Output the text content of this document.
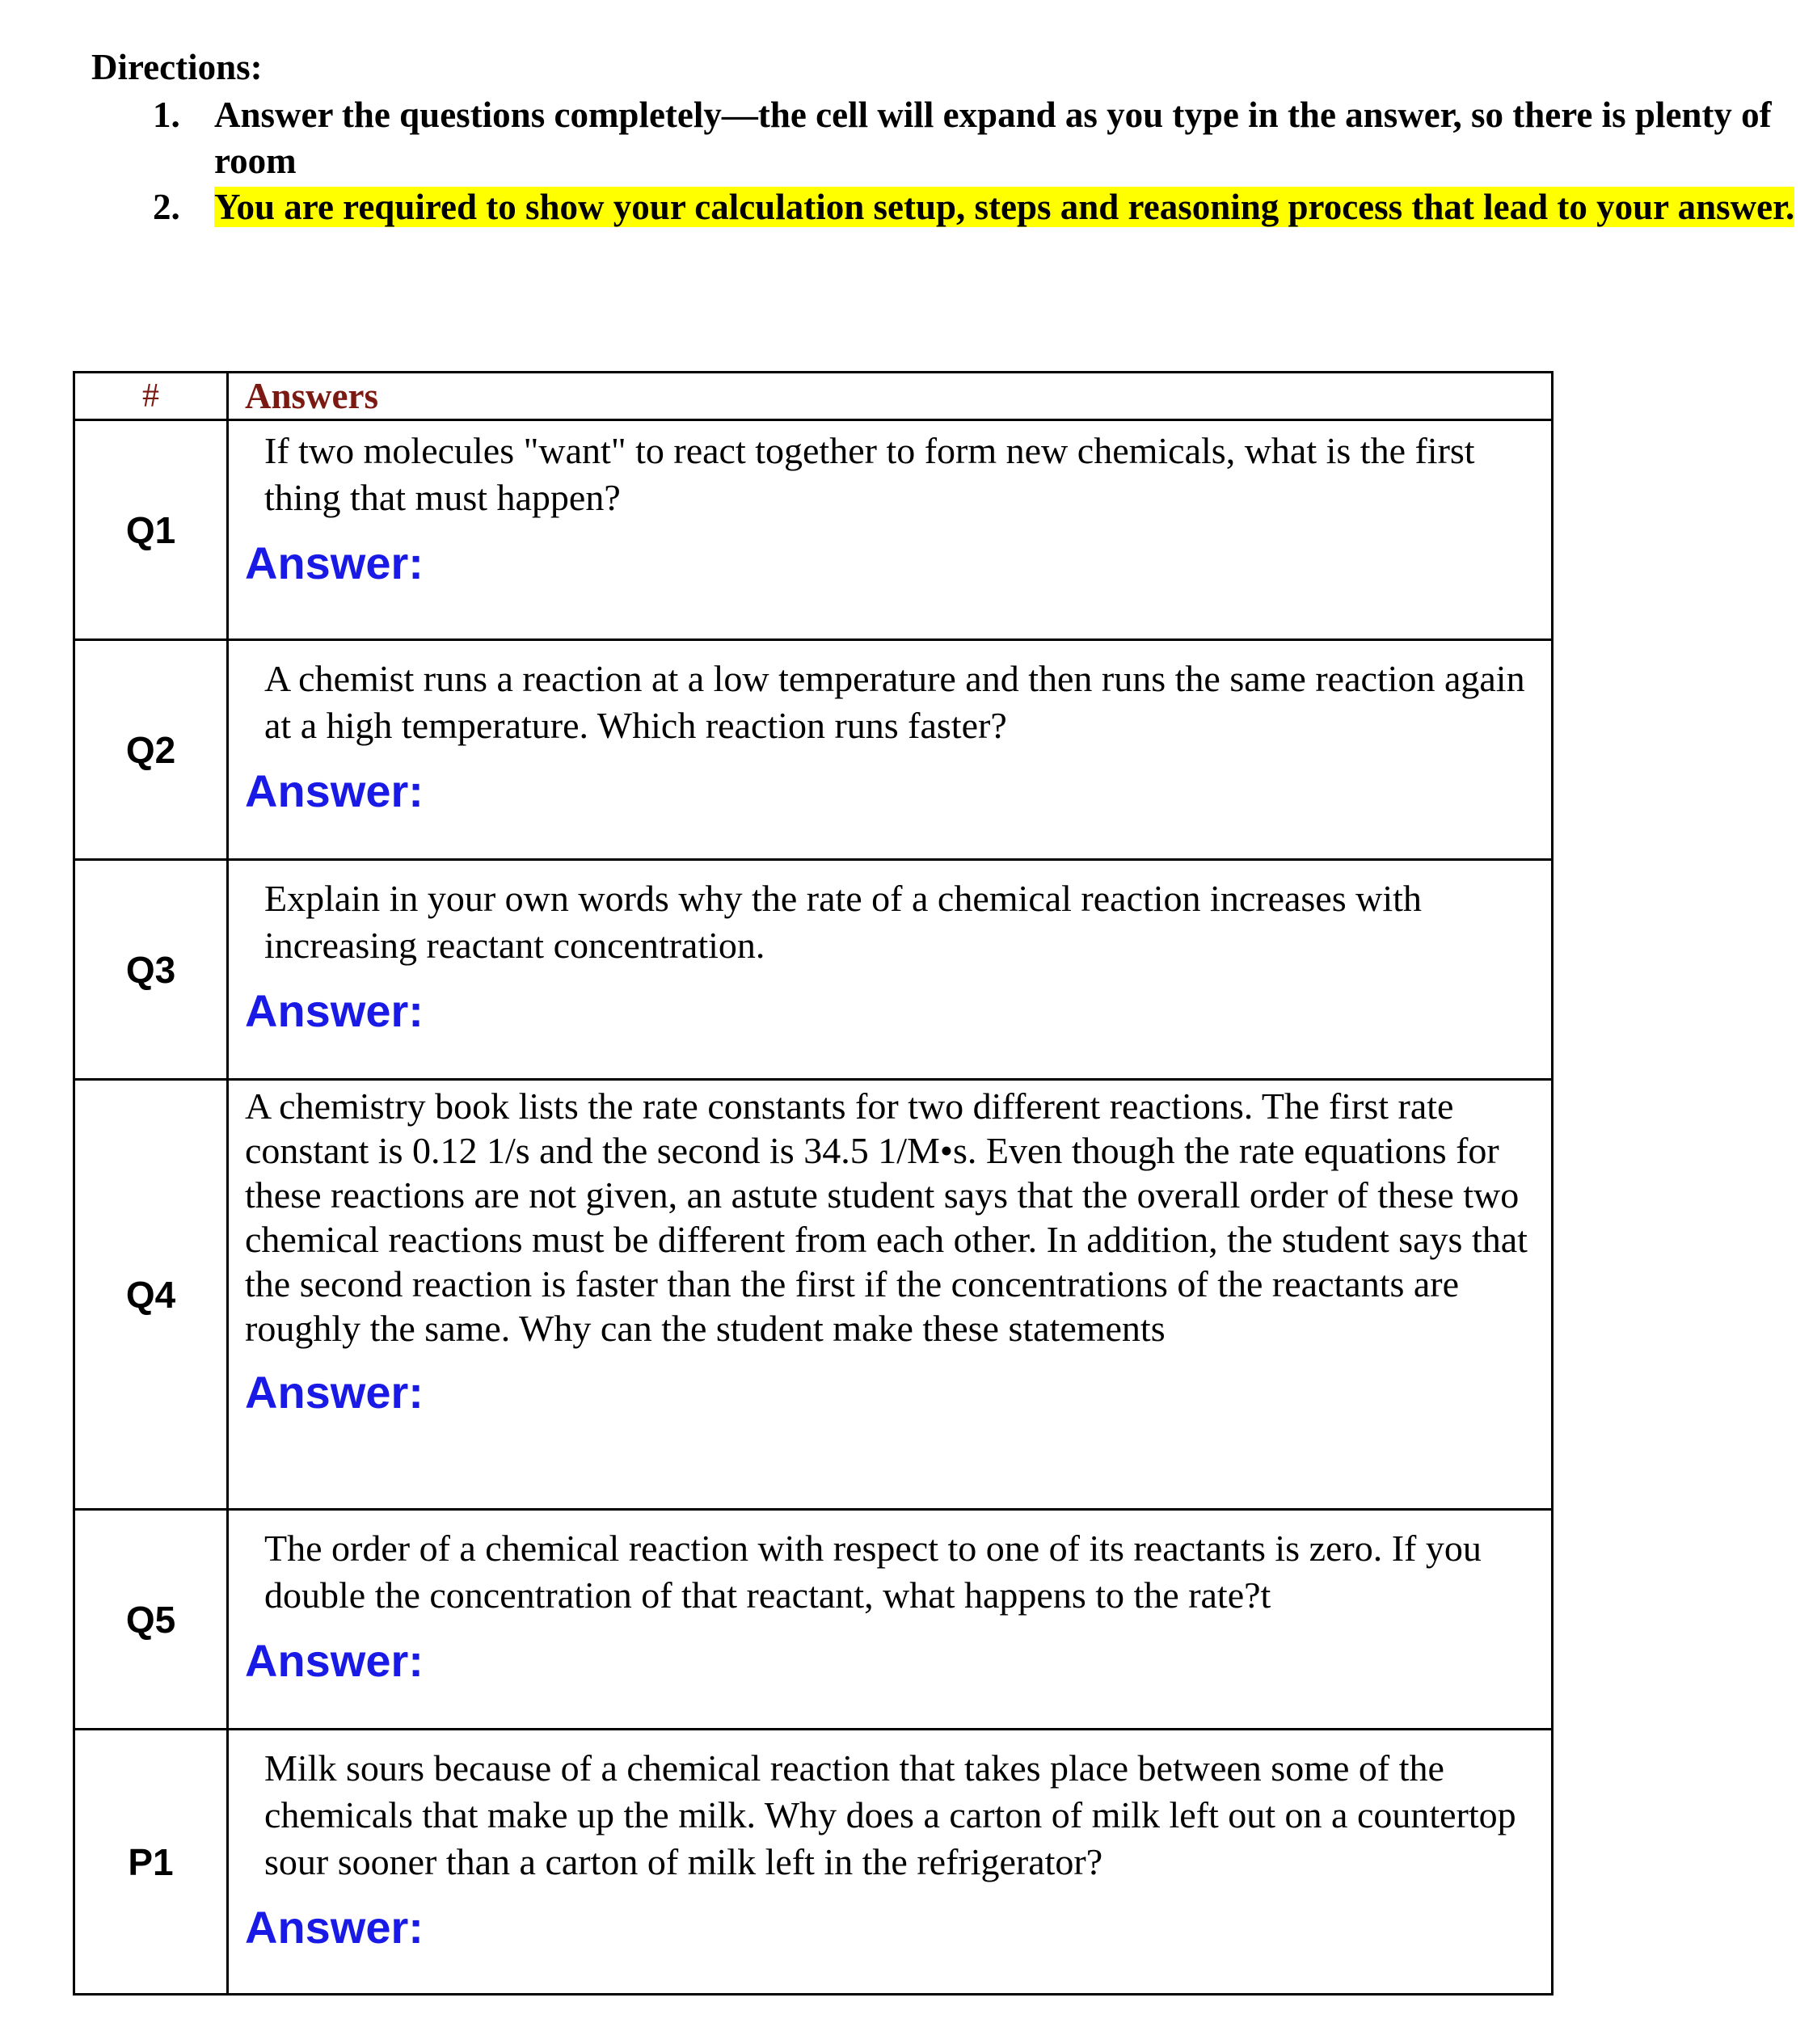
Directions:

1. Answer the questions completely—the cell will expand as you type in the answer, so there is plenty of room
2. You are required to show your calculation setup, steps and reasoning process that lead to your answer.
#	Answers
Q1	If two molecules "want" to react together to form new chemicals, what is the first thing that must happen?

Answer:

Q2	A chemist runs a reaction at a low temperature and then runs the same reaction again at a high temperature. Which reaction runs faster?

Answer:

Q3	Explain in your own words why the rate of a chemical reaction increases with increasing reactant concentration.

Answer:

Q4	A chemistry book lists the rate constants for two different reactions. The first rate constant is 0.12 1/s and the second is 34.5 1/M•s. Even though the rate equations for these reactions are not given, an astute student says that the overall order of these two chemical reactions must be different from each other. In addition, the student says that the second reaction is faster than the first if the concentrations of the reactants are roughly the same. Why can the student make these statements

Answer:

Q5	The order of a chemical reaction with respect to one of its reactants is zero. If you double the concentration of that reactant, what happens to the rate?t

Answer:

P1	Milk sours because of a chemical reaction that takes place between some of the chemicals that make up the milk. Why does a carton of milk left out on a countertop sour sooner than a carton of milk left in the refrigerator?

Answer:
